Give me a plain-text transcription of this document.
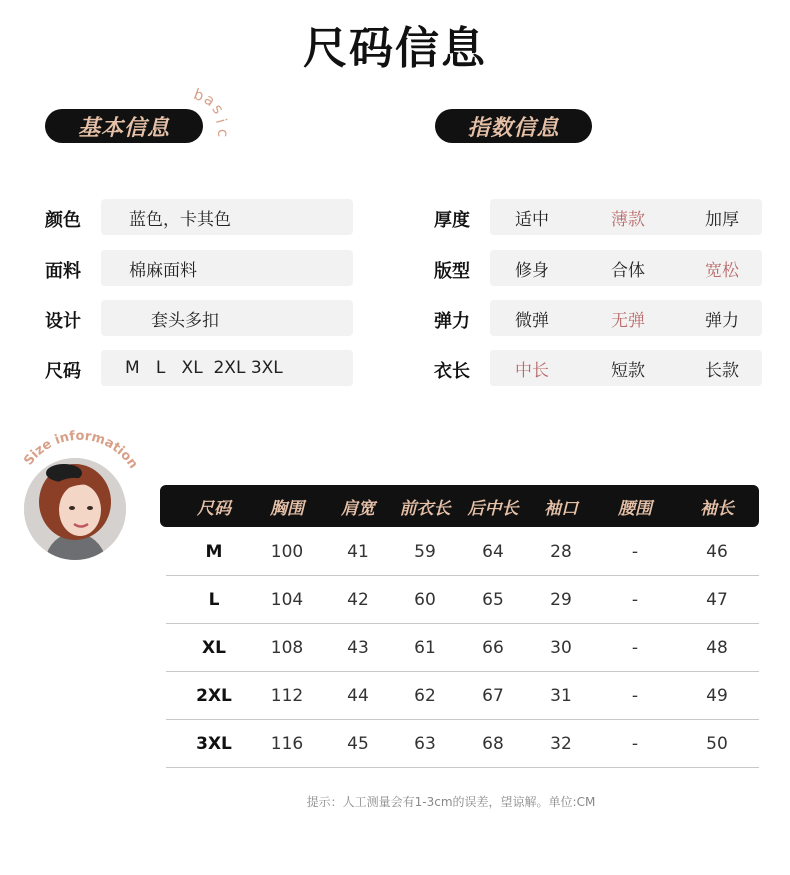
尺码信息
基本信息
b
a
s
i
c
颜色	蓝色，卡其色
面料	棉麻面料
设计	套头多扣
尺码	M   L   XL  2XL 3XL
指数信息
厚度	适中	薄款	加厚
版型	修身	合体	宽松
弹力	微弹	无弹	弹力
衣长	中长	短款	长款
Size information
尺码	胸围	肩宽	前衣长	后中长	袖口	腰围	袖长
M	100	41	59	64	28	-	46
L	104	42	60	65	29	-	47
XL	108	43	61	66	30	-	48
2XL	112	44	62	67	31	-	49
3XL	116	45	63	68	32	-	50
提示：人工测量会有1-3cm的误差，望谅解。单位:CM
